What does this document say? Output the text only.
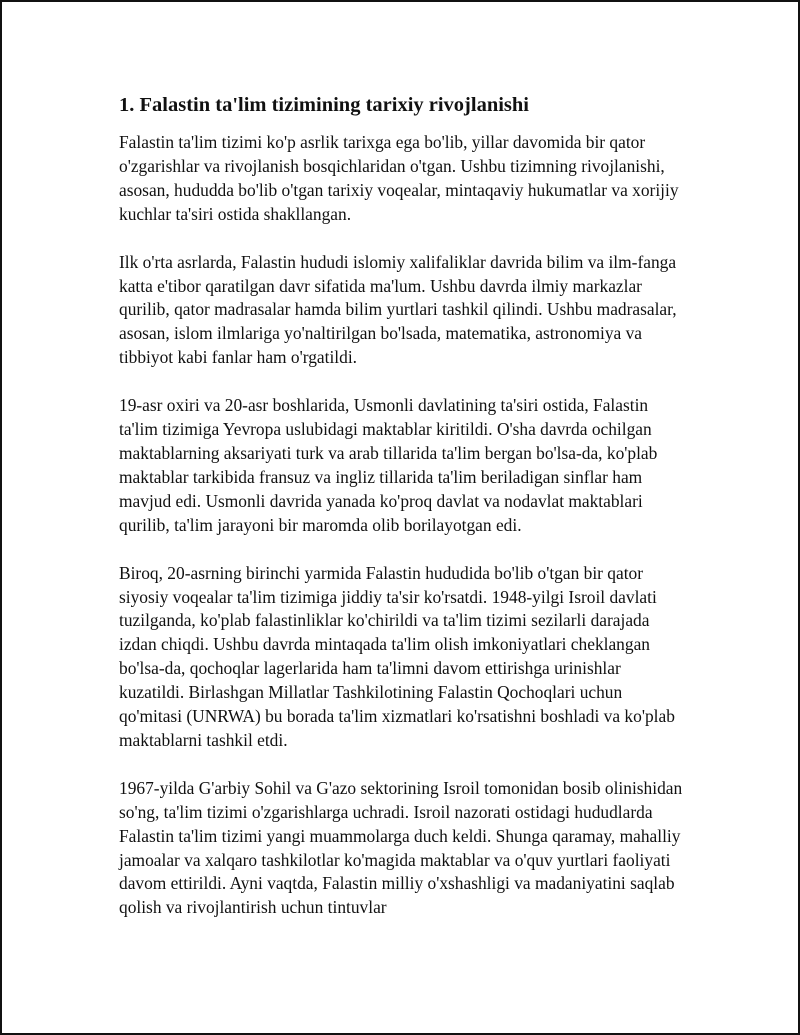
1. Falastin ta'lim tizimining tarixiy rivojlanishi

Falastin ta'lim tizimi ko'p asrlik tarixga ega bo'lib, yillar davomida bir qator o'zgarishlar va rivojlanish bosqichlaridan o'tgan. Ushbu tizimning rivojlanishi, asosan, hududda bo'lib o'tgan tarixiy voqealar, mintaqaviy hukumatlar va xorijiy kuchlar ta'siri ostida shakllangan.

Ilk o'rta asrlarda, Falastin hududi islomiy xalifaliklar davrida bilim va ilm-fanga katta e'tibor qaratilgan davr sifatida ma'lum. Ushbu davrda ilmiy markazlar qurilib, qator madrasalar hamda bilim yurtlari tashkil qilindi. Ushbu madrasalar, asosan, islom ilmlariga yo'naltirilgan bo'lsada, matematika, astronomiya va tibbiyot kabi fanlar ham o'rgatildi.

19-asr oxiri va 20-asr boshlarida, Usmonli davlatining ta'siri ostida, Falastin ta'lim tizimiga Yevropa uslubidagi maktablar kiritildi. O'sha davrda ochilgan maktablarning aksariyati turk va arab tillarida ta'lim bergan bo'lsa-da, ko'plab maktablar tarkibida fransuz va ingliz tillarida ta'lim beriladigan sinflar ham mavjud edi. Usmonli davrida yanada ko'proq davlat va nodavlat maktablari qurilib, ta'lim jarayoni bir maromda olib borilayotgan edi.

Biroq, 20-asrning birinchi yarmida Falastin hududida bo'lib o'tgan bir qator siyosiy voqealar ta'lim tizimiga jiddiy ta'sir ko'rsatdi. 1948-yilgi Isroil davlati tuzilganda, ko'plab falastinliklar ko'chirildi va ta'lim tizimi sezilarli darajada izdan chiqdi. Ushbu davrda mintaqada ta'lim olish imkoniyatlari cheklangan bo'lsa-da, qochoqlar lagerlarida ham ta'limni davom ettirishga urinishlar kuzatildi. Birlashgan Millatlar Tashkilotining Falastin Qochoqlari uchun qo'mitasi (UNRWA) bu borada ta'lim xizmatlari ko'rsatishni boshladi va ko'plab maktablarni tashkil etdi.

1967-yilda G'arbiy Sohil va G'azo sektorining Isroil tomonidan bosib olinishidan so'ng, ta'lim tizimi o'zgarishlarga uchradi. Isroil nazorati ostidagi hududlarda Falastin ta'lim tizimi yangi muammolarga duch keldi. Shunga qaramay, mahalliy jamoalar va xalqaro tashkilotlar ko'magida maktablar va o'quv yurtlari faoliyati davom ettirildi. Ayni vaqtda, Falastin milliy o'xshashligi va madaniyatini saqlab qolish va rivojlantirish uchun tintuvlar
